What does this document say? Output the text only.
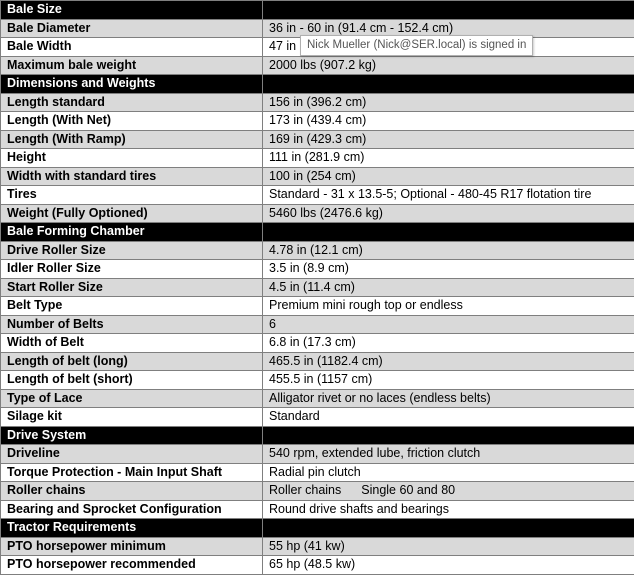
Bale Size	
Bale Diameter	36 in - 60 in (91.4 cm - 152.4 cm)
Bale Width	47 in
Maximum bale weight	2000 lbs (907.2 kg)
Dimensions and Weights	
Length standard	156 in (396.2 cm)
Length (With Net)	173 in (439.4 cm)
Length (With Ramp)	169 in (429.3 cm)
Height	111 in (281.9 cm)
Width with standard tires	100 in (254 cm)
Tires	Standard - 31 x 13.5-5; Optional - 480-45 R17 flotation tire
Weight (Fully Optioned)	5460 lbs (2476.6 kg)
Bale Forming Chamber	
Drive Roller Size	4.78 in (12.1 cm)
Idler Roller Size	3.5 in (8.9 cm)
Start Roller Size	4.5 in (11.4 cm)
Belt Type	Premium mini rough top or endless
Number of Belts	6
Width of Belt	6.8 in (17.3 cm)
Length of belt (long)	465.5 in (1182.4 cm)
Length of belt (short)	455.5 in (1157 cm)
Type of Lace	Alligator rivet or no laces (endless belts)
Silage kit	Standard
Drive System	
Driveline	540 rpm, extended lube, friction clutch
Torque Protection - Main Input Shaft	Radial pin clutch
Roller chains	Roller chains Single 60 and 80
Bearing and Sprocket Configuration	Round drive shafts and bearings
Tractor Requirements	
PTO horsepower minimum	55 hp (41 kw)
PTO horsepower recommended	65 hp (48.5 kw)
Nick Mueller (Nick@SER.local) is signed in
